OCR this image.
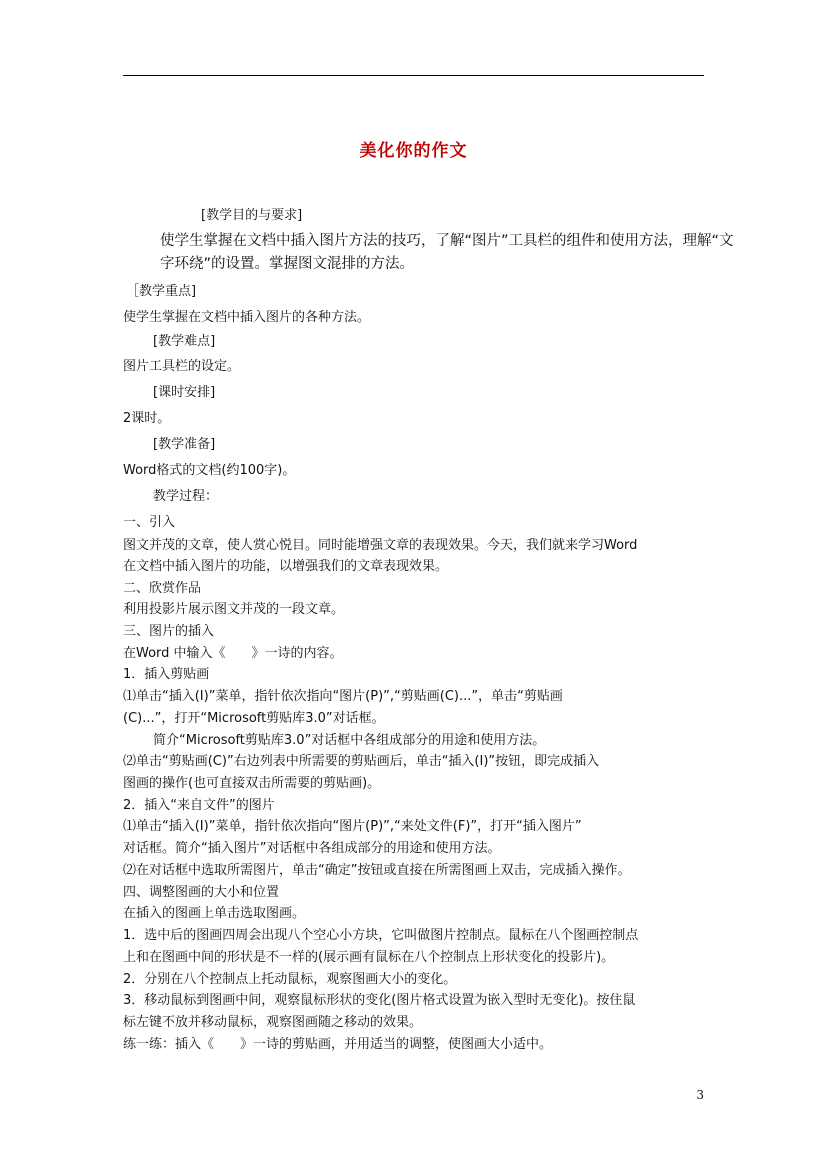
美化你的作文
[教学目的与要求]
使学生掌握在文档中插入图片方法的技巧，了解“图片”工具栏的组件和使用方法，理解“文
字环绕”的设置。掌握图文混排的方法。
［教学重点]
使学生掌握在文档中插入图片的各种方法。
[教学难点]
图片工具栏的设定。
[课时安排]
2课时。
[教学准备]
Word格式的文档(约100字)。
教学过程：
一、引入
图文并茂的文章，使人赏心悦目。同时能增强文章的表现效果。今天，我们就来学习Word
在文档中插入图片的功能，以增强我们的文章表现效果。
二、欣赏作品
利用投影片展示图文并茂的一段文章。
三、图片的插入
在Word 中输入《　　》一诗的内容。
1．插入剪贴画
⑴单击“插入(I)”菜单，指针依次指向“图片(P)”,“剪贴画(C)...”，单击“剪贴画
(C)...”，打开“Microsoft剪贴库3.0”对话框。
简介“Microsoft剪贴库3.0”对话框中各组成部分的用途和使用方法。
⑵单击“剪贴画(C)”右边列表中所需要的剪贴画后，单击“插入(I)”按钮，即完成插入
图画的操作(也可直接双击所需要的剪贴画)。
2．插入“来自文件”的图片
⑴单击“插入(I)”菜单，指针依次指向“图片(P)”,“来处文件(F)”，打开“插入图片”
对话框。简介“插入图片”对话框中各组成部分的用途和使用方法。
⑵在对话框中选取所需图片，单击“确定”按钮或直接在所需图画上双击，完成插入操作。
四、调整图画的大小和位置
在插入的图画上单击选取图画。
1．选中后的图画四周会出现八个空心小方块，它叫做图片控制点。鼠标在八个图画控制点
上和在图画中间的形状是不一样的(展示画有鼠标在八个控制点上形状变化的投影片)。
2．分别在八个控制点上托动鼠标，观察图画大小的变化。
3．移动鼠标到图画中间，观察鼠标形状的变化(图片格式设置为嵌入型时无变化)。按住鼠
标左键不放并移动鼠标，观察图画随之移动的效果。
练一练：插入《　　》一诗的剪贴画，并用适当的调整，使图画大小适中。
3
